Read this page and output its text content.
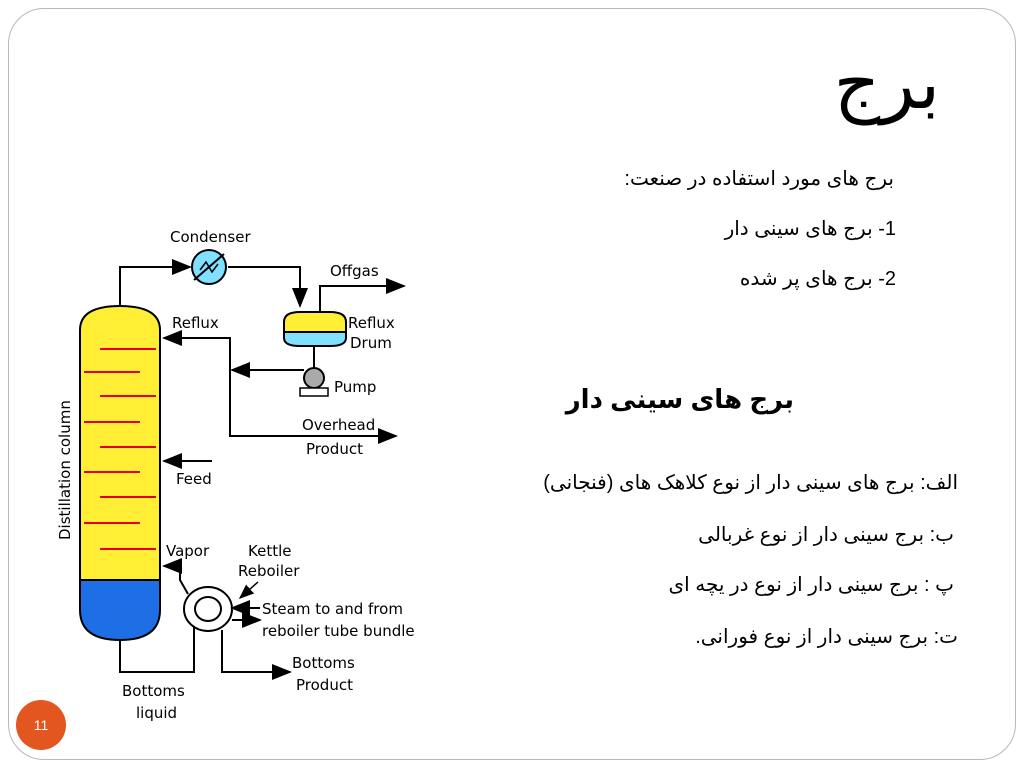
برج
برج های مورد استفاده در صنعت:
1- برج های سینی دار
2- برج های پر شده
برج های سینی دار
الف: برج های سینی دار از نوع کلاهک های (فنجانی)
ب: برج سینی دار از نوع غربالی
پ : برج سینی دار از نوع در یچه ای
ت: برج سینی دار از نوع فورانی.
11
Distillation column
Condenser
Offgas
Reflux
Drum
Pump
Reflux
Overhead
Product
Feed
Vapor	Kettle
Reboiler
Steam to and from
reboiler tube bundle
Bottoms
Product
Bottoms
liquid
